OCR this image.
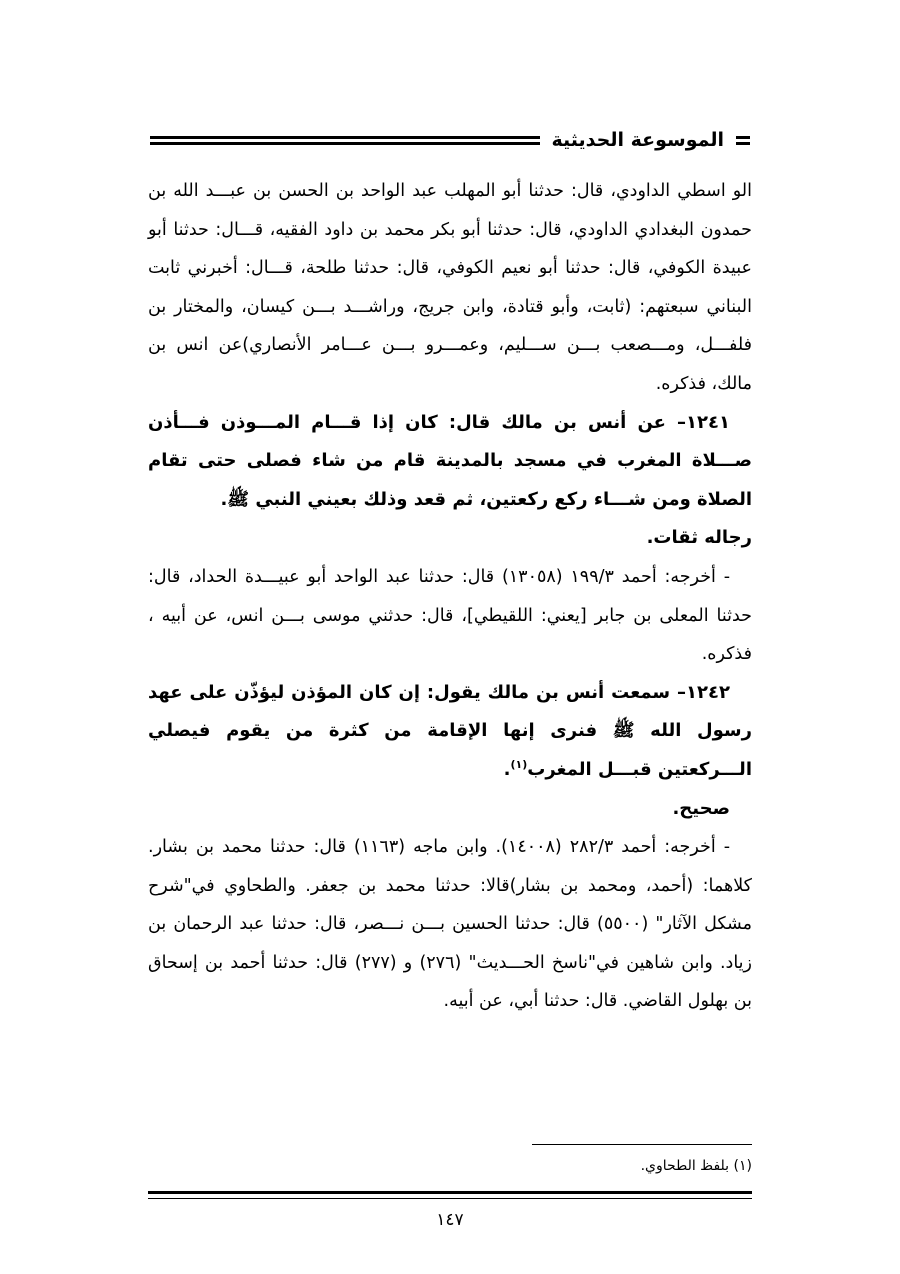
الموسوعة الحديثية

الو اسطي الداودي، قال: حدثنا أبو المهلب عبد الواحد بن الحسن بن عبـــد الله بن حمدون البغدادي الداودي، قال: حدثنا أبو بكر محمد بن داود الفقيه، قـــال: حدثنا أبو عبيدة الكوفي، قال: حدثنا أبو نعيم الكوفي، قال: حدثنا طلحة، قـــال: أخبرني ثابت البناني سبعتهم: (ثابت، وأبو قتادة، وابن جريج، وراشـــد بـــن كيسان، والمختار بن فلفـــل، ومـــصعب بـــن ســـليم، وعمـــرو بـــن عـــامر الأنصاري)عن انس بن مالك، فذكره.

١٢٤١– عن أنس بن مالك قال: كان إذا قـــام المـــوذن فـــأذن صـــلاة المغرب في مسجد بالمدينة قام من شاء فصلى حتى تقام الصلاة ومن شـــاء ركع ركعتين، ثم قعد وذلك بعيني النبي ﷺ.

رجاله ثقات.

- أخرجه: أحمد ١٩٩/٣ (١٣٠٥٨) قال: حدثنا عبد الواحد أبو عبيـــدة الحداد، قال: حدثنا المعلى بن جابر [يعني: اللقيطي]، قال: حدثني موسى بـــن انس، عن أبيه ، فذكره.

١٢٤٢– سمعت أنس بن مالك يقول: إن كان المؤذن ليؤذّن على عهد رسول الله ﷺ فنرى إنها الإقامة من كثرة من يقوم فيصلي الـــركعتين قبـــل المغرب$^{(١)}$.

صحيح.

- أخرجه: أحمد ٢٨٢/٣ (١٤٠٠٨). وابن ماجه (١١٦٣) قال: حدثنا محمد بن بشار. كلاهما: (أحمد، ومحمد بن بشار)قالا: حدثنا محمد بن جعفر. والطحاوي في"شرح مشكل الآثار" (٥٥٠٠) قال: حدثنا الحسين بـــن نـــصر، قال: حدثنا عبد الرحمان بن زياد. وابن شاهين في"ناسخ الحـــديث" (٢٧٦) و (٢٧٧) قال: حدثنا أحمد بن إسحاق بن بهلول القاضي. قال: حدثنا أبي، عن أبيه.

(١) بلفظ الطحاوي.
١٤٧
